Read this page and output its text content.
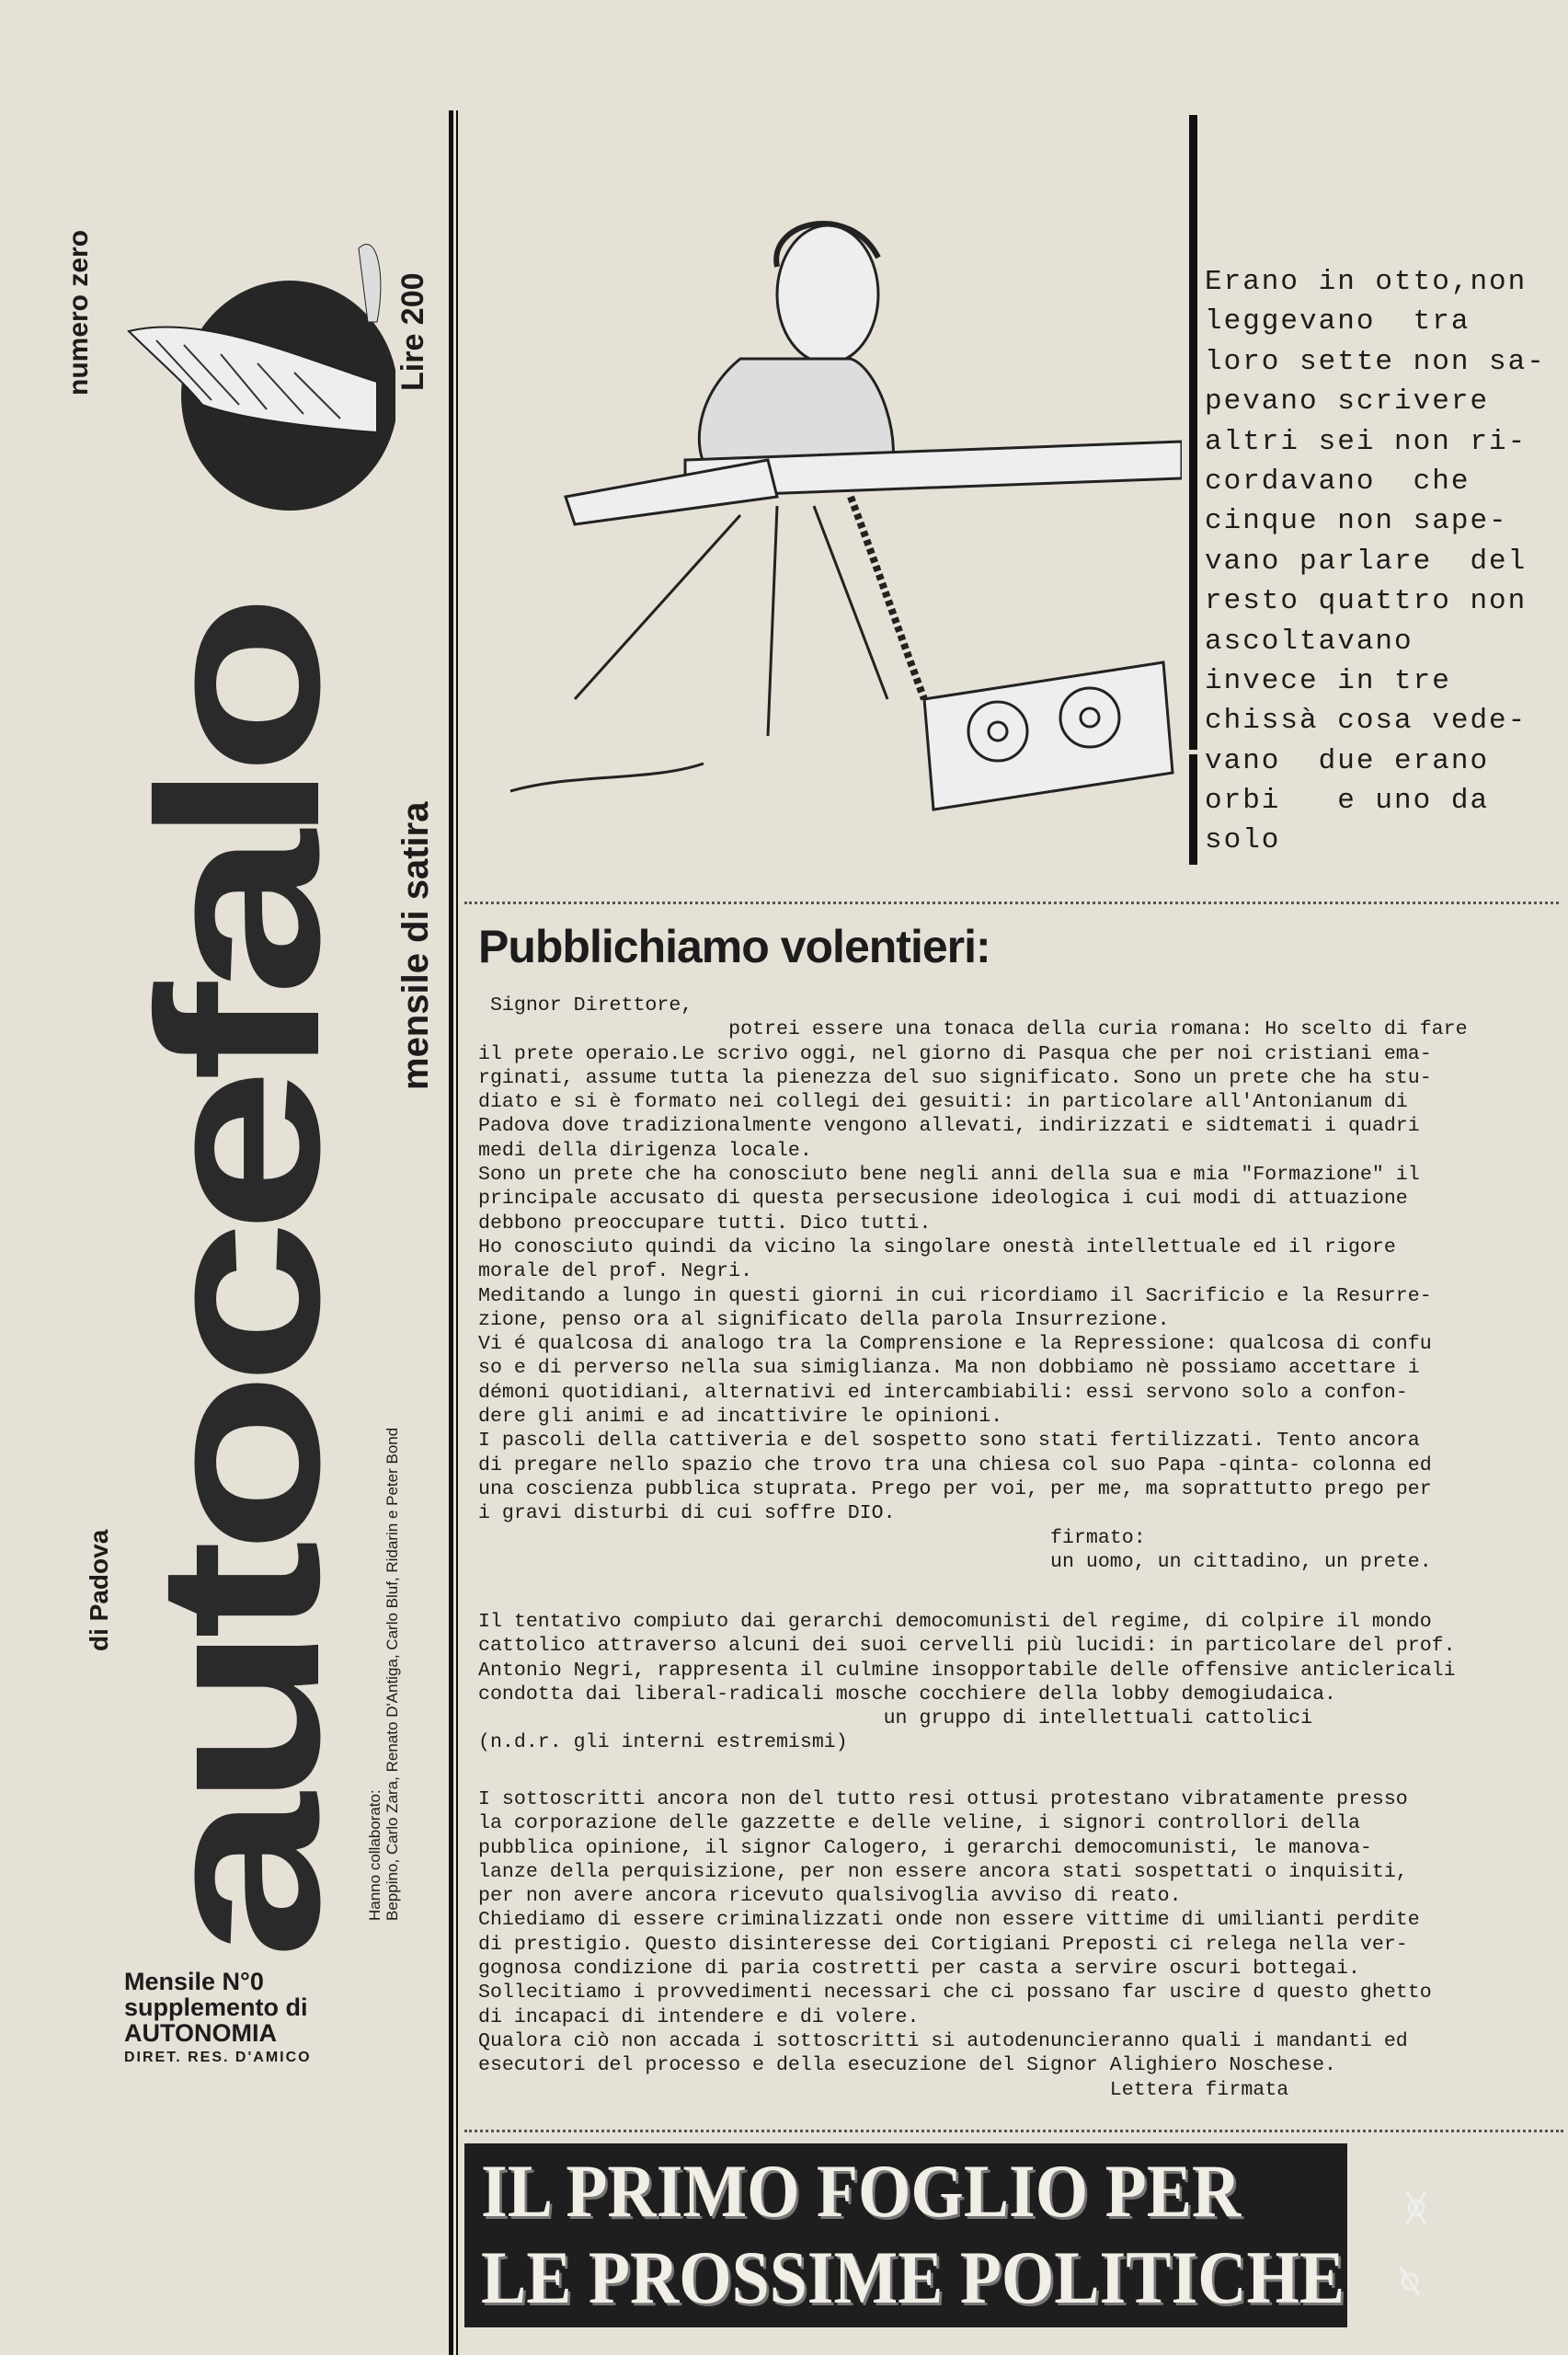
autocefalo
numero zero	Lire 200
mensile di satira
di Padova
Hanno collaborato: Beppino, Carlo Zara, Renato D'Antiga, Carlo Bluf, Ridarin e Peter Bond
Mensile N°0
supplemento di
AUTONOMIA
DIRET. RES. D'AMICO
Erano in otto,non
leggevano  tra
loro sette non sa-
pevano scrivere
altri sei non ri-
cordavano  che
cinque non sape-
vano parlare  del
resto quattro non
ascoltavano
invece in tre
chissà cosa vede-
vano  due erano
orbi   e uno da
solo
Pubblichiamo volentieri:
Signor Direttore,
potrei essere una tonaca della curia romana: Ho scelto di fare
il prete operaio.Le scrivo oggi, nel giorno di Pasqua che per noi cristiani ema-
rginati, assume tutta la pienezza del suo significato. Sono un prete che ha stu-
diato e si è formato nei collegi dei gesuiti: in particolare all'Antonianum di
Padova dove tradizionalmente vengono allevati, indirizzati e sidtemati i quadri
medi della dirigenza locale.
Sono un prete che ha conosciuto bene negli anni della sua e mia "Formazione" il
principale accusato di questa persecusione ideologica i cui modi di attuazione
debbono preoccupare tutti. Dico tutti.
Ho conosciuto quindi da vicino la singolare onestà intellettuale ed il rigore
morale del prof. Negri.
Meditando a lungo in questi giorni in cui ricordiamo il Sacrificio e la Resurre-
zione, penso ora al significato della parola Insurrezione.
Vi é qualcosa di analogo tra la Comprensione e la Repressione: qualcosa di confu
so e di perverso nella sua simiglianza. Ma non dobbiamo nè possiamo accettare i
démoni quotidiani, alternativi ed intercambiabili: essi servono solo a confon-
dere gli animi e ad incattivire le opinioni.
I pascoli della cattiveria e del sospetto sono stati fertilizzati. Tento ancora
di pregare nello spazio che trovo tra una chiesa col suo Papa -qinta- colonna ed
una coscienza pubblica stuprata. Prego per voi, per me, ma soprattutto prego per
i gravi disturbi di cui soffre DIO.
firmato:
un uomo, un cittadino, un prete.
Il tentativo compiuto dai gerarchi democomunisti del regime, di colpire il mondo
cattolico attraverso alcuni dei suoi cervelli più lucidi: in particolare del prof.
Antonio Negri, rappresenta il culmine insopportabile delle offensive anticlericali
condotta dai liberal-radicali mosche cocchiere della lobby demogiudaica.
un gruppo di intellettuali cattolici
(n.d.r. gli interni estremismi)
I sottoscritti ancora non del tutto resi ottusi protestano vibratamente presso
la corporazione delle gazzette e delle veline, i signori controllori della
pubblica opinione, il signor Calogero, i gerarchi democomunisti, le manova-
lanze della perquisizione, per non essere ancora stati sospettati o inquisiti,
per non avere ancora ricevuto qualsivoglia avviso di reato.
Chiediamo di essere criminalizzati onde non essere vittime di umilianti perdite
di prestigio. Questo disinteresse dei Cortigiani Preposti ci relega nella ver-
gognosa condizione di paria costretti per casta a servire oscuri bottegai.
Sollecitiamo i provvedimenti necessari che ci possano far uscire d questo ghetto
di incapaci di intendere e di volere.
Qualora ciò non accada i sottoscritti si autodenuncieranno quali i mandanti ed
esecutori del processo e della esecuzione del Signor Alighiero Noschese.
Lettera firmata
IL PRIMO FOGLIO PER
LE PROSSIME POLITICHE
